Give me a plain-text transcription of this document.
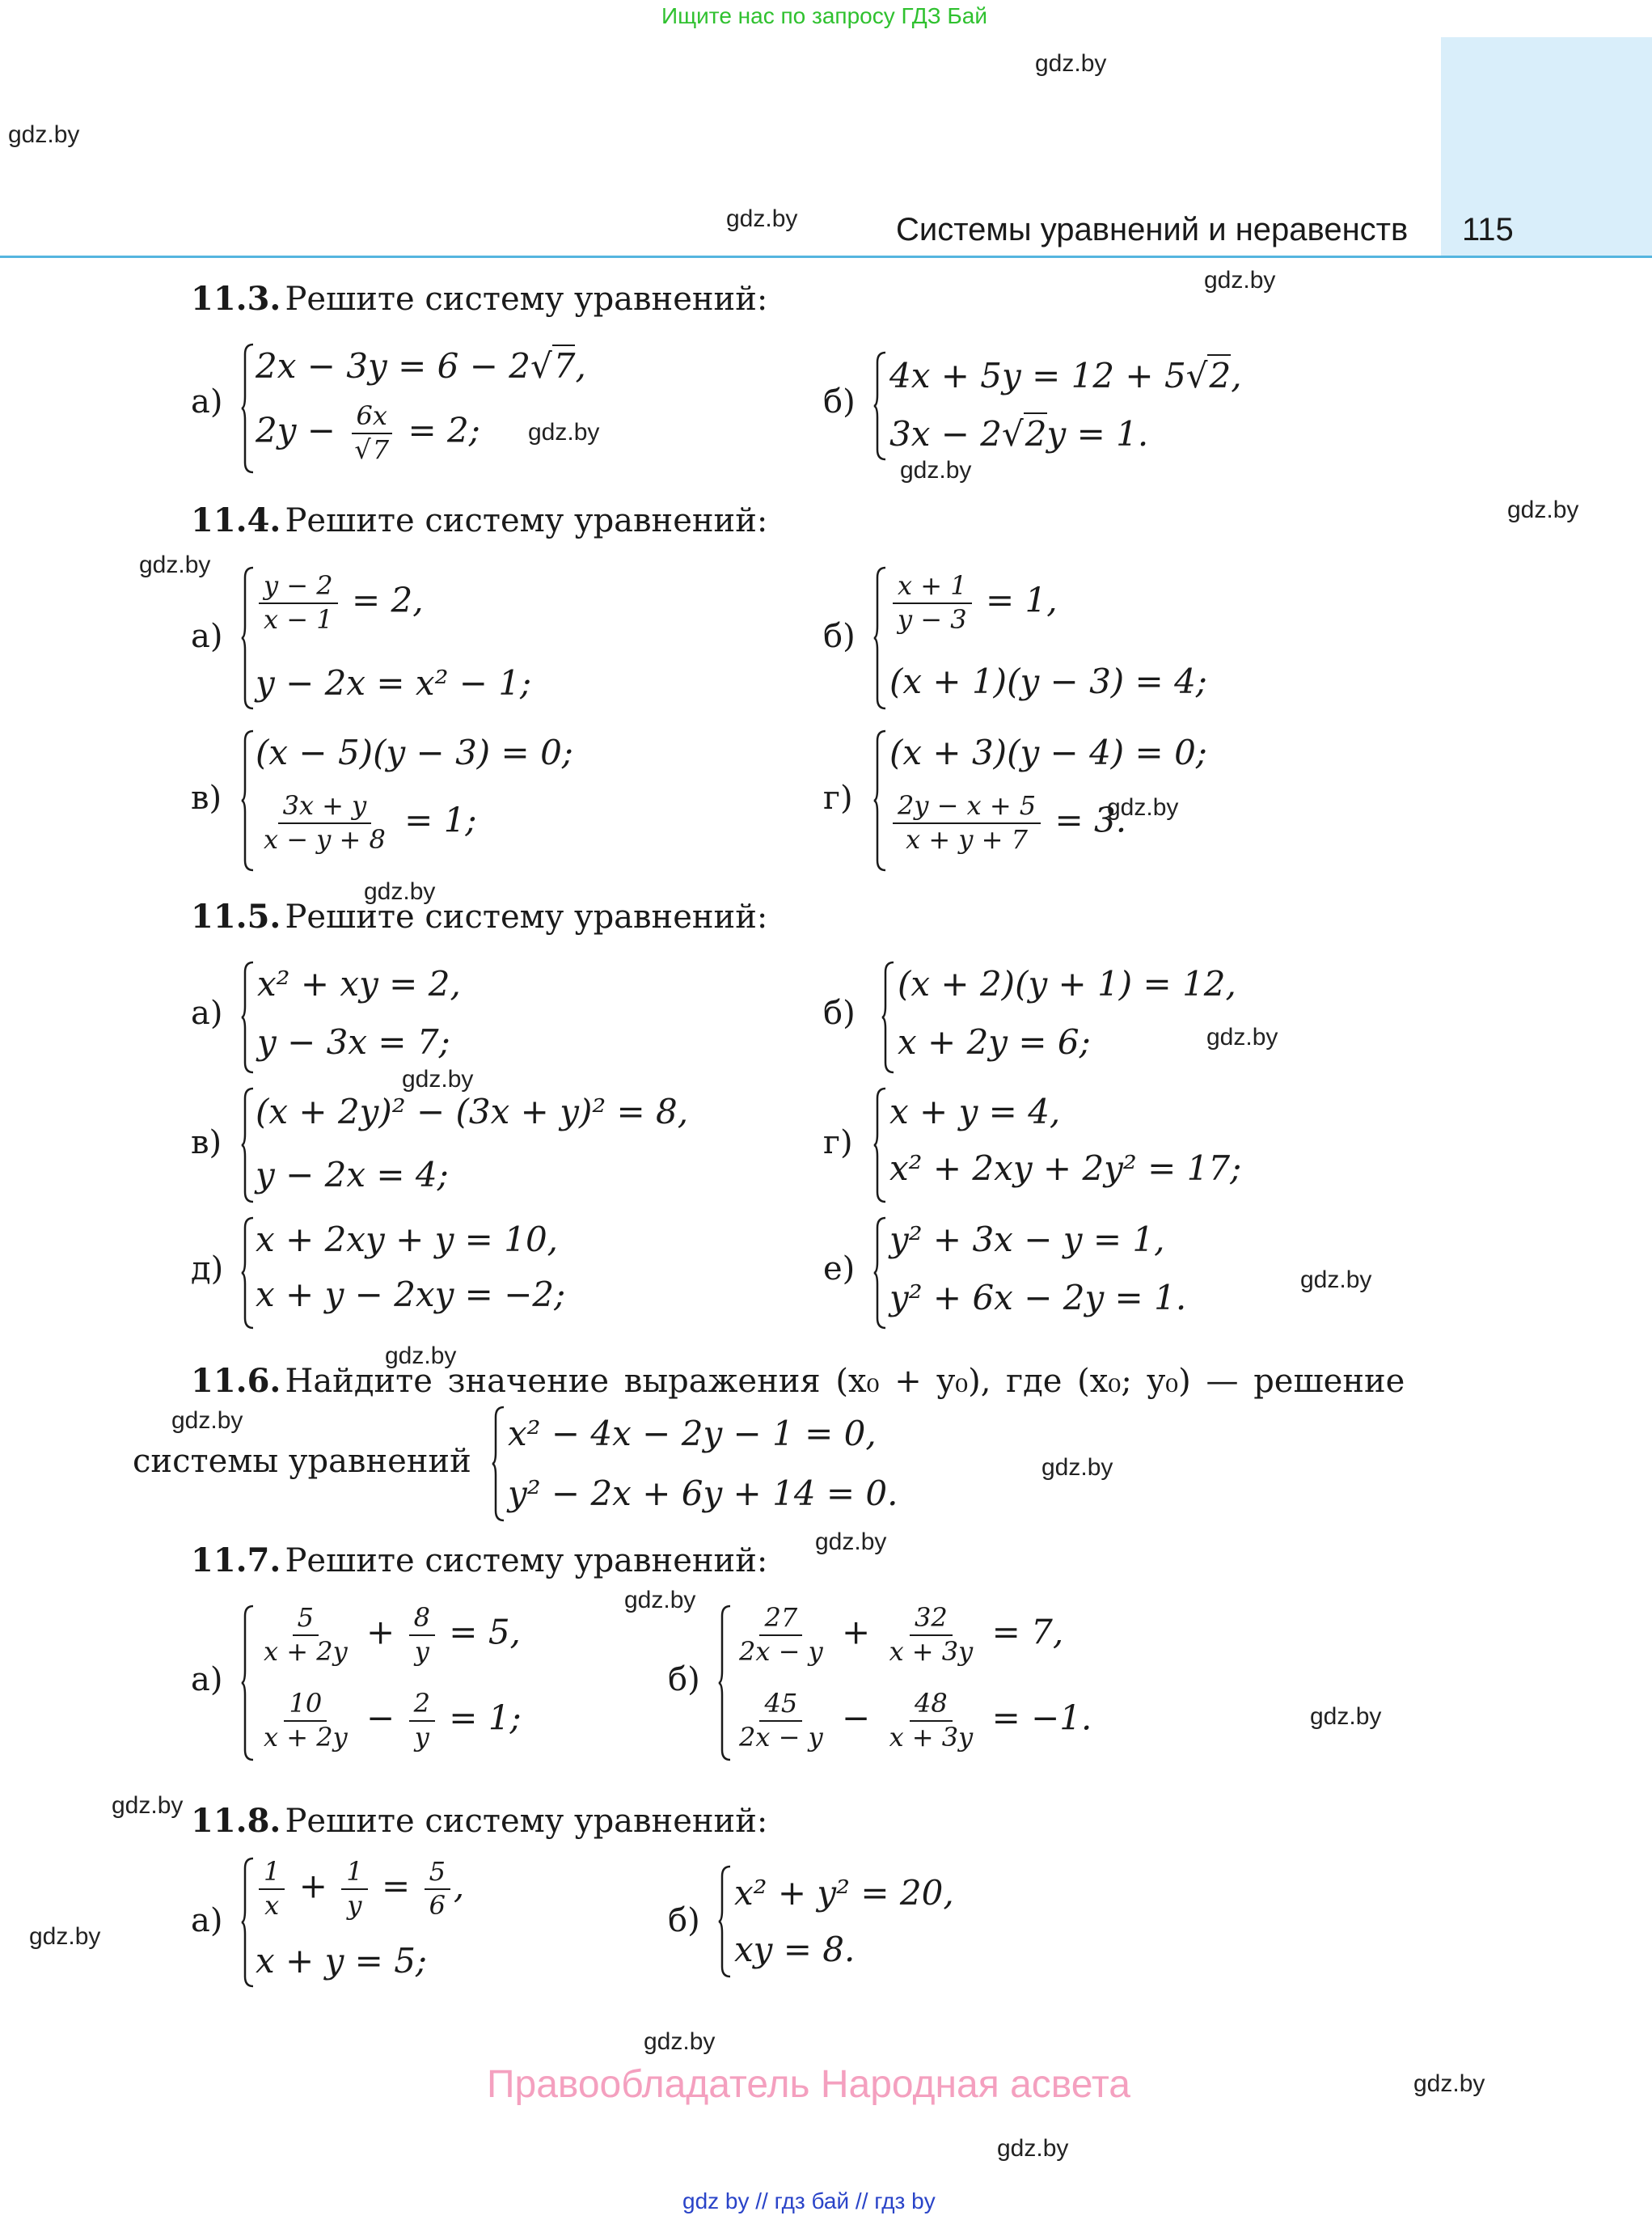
Ищите нас по запросу ГДЗ Бай
Системы уравнений и неравенств 115
gdz.by
gdz.by
gdz.by
gdz.by
gdz.by
gdz.by
gdz.by
gdz.by
gdz.by
gdz.by
gdz.by
gdz.by
gdz.by
gdz.by
gdz.by
gdz.by
gdz.by
gdz.by
gdz.by
gdz.by
gdz.by
gdz.by
gdz.by
gdz.by
11.3. Решите систему уравнений:
а)
2x − 3y = 6 − 2√7,
$2y - \frac{6x}{√7} = 2$;
б)
4x + 5y = 12 + 5√2,
3x − 2√2y = 1.
11.4. Решите систему уравнений:
а)
$\frac{y - 2}{x - 1} = 2$,
y − 2x = x² − 1;
б)
$\frac{x + 1}{y - 3} = 1$,
(x + 1)(y − 3) = 4;
в)
(x − 5)(y − 3) = 0;
$\frac{3x + y}{x - y + 8} = 1$;
г)
(x + 3)(y − 4) = 0;
$\frac{2y - x + 5}{x + y + 7} = 3$.
11.5. Решите систему уравнений:
а)
x² + xy = 2,
y − 3x = 7;
б)
(x + 2)(y + 1) = 12,
x + 2y = 6;
в)
(x + 2y)² − (3x + y)² = 8,
y − 2x = 4;
г)
x + y = 4,
x² + 2xy + 2y² = 17;
д)
x + 2xy + y = 10,
x + y − 2xy = −2;
е)
y² + 3x − y = 1,
y² + 6x − 2y = 1.
11.6. Найдите значение выражения (x₀ + y₀), где (x₀; y₀) — решение
системы уравнений
x² − 4x − 2y − 1 = 0,
y² − 2x + 6y + 14 = 0.
11.7. Решите систему уравнений:
а)
$\frac{5}{x + 2y} + \frac{8}{y} = 5$,
$\frac{10}{x + 2y} - \frac{2}{y} = 1$;
б)
$\frac{27}{2x - y} + \frac{32}{x + 3y} = 7$,
$\frac{45}{2x - y} - \frac{48}{x + 3y} = -1$.
11.8. Решите систему уравнений:
а)
$\frac{1}{x} + \frac{1}{y} = \frac{5}{6}$ ,
x + y = 5;
б)
x² + y² = 20,
xy = 8.
Правообладатель Народная асвета
gdz by // гдз бай // гдз by
